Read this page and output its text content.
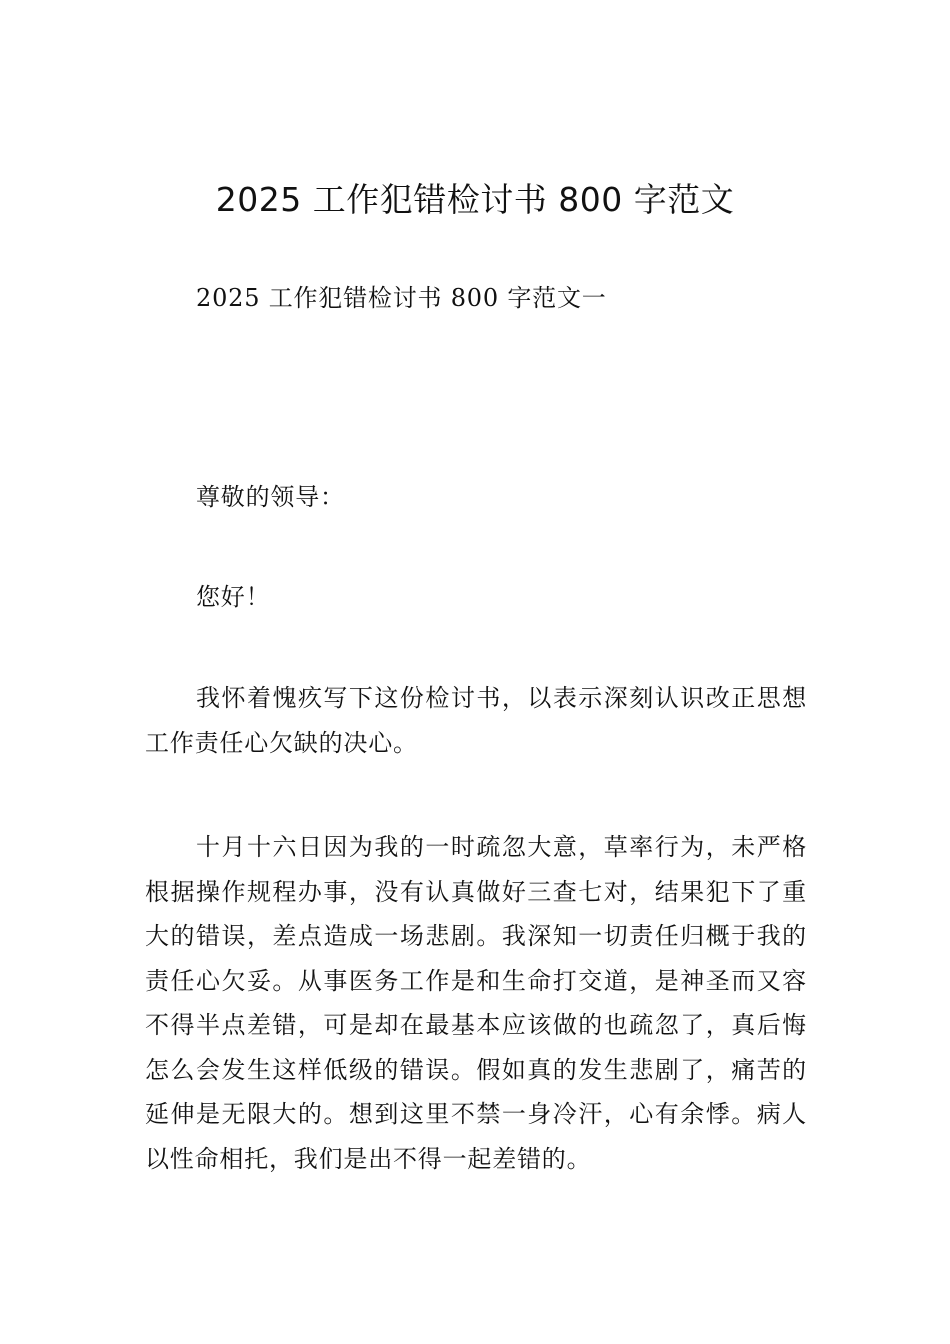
2025 工作犯错检讨书 800 字范文

2025 工作犯错检讨书 800 字范文一

尊敬的领导：

您好！

我怀着愧疚写下这份检讨书，以表示深刻认识改正思想工作责任心欠缺的决心。

十月十六日因为我的一时疏忽大意，草率行为，未严格根据操作规程办事，没有认真做好三查七对，结果犯下了重大的错误，差点造成一场悲剧。我深知一切责任归概于我的责任心欠妥。从事医务工作是和生命打交道，是神圣而又容不得半点差错，可是却在最基本应该做的也疏忽了，真后悔怎么会发生这样低级的错误。假如真的发生悲剧了，痛苦的延伸是无限大的。想到这里不禁一身冷汗，心有余悸。病人以性命相托，我们是出不得一起差错的。
